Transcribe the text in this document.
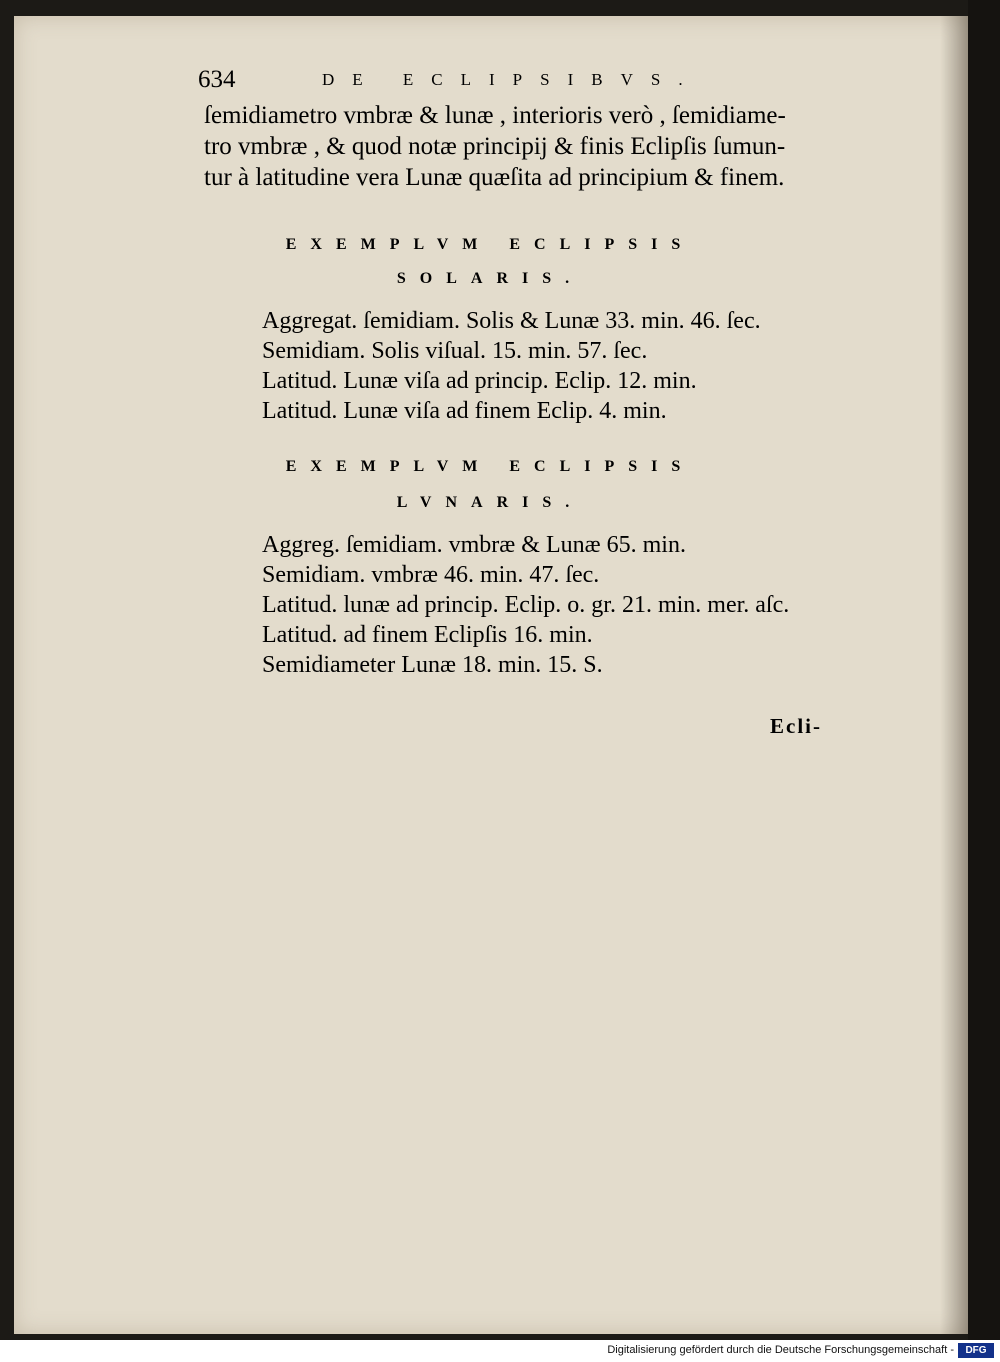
634	DE ECLIPSIBVS.
ſemidiametro vmbræ & lunæ , interioris verò , ſemidiame-
tro vmbræ , & quod notæ principij & finis Eclipſis ſumun-
tur à latitudine vera Lunæ quæſita ad principium & finem.
EXEMPLVM ECLIPSIS
SOLARIS.
Aggregat. ſemidiam. Solis & Lunæ 33. min. 46. ſec.
Semidiam. Solis viſual. 15. min. 57. ſec.
Latitud. Lunæ viſa ad princip. Eclip. 12. min.
Latitud. Lunæ viſa ad finem Eclip. 4. min.
EXEMPLVM ECLIPSIS
LVNARIS.
Aggreg. ſemidiam. vmbræ & Lunæ 65. min.
Semidiam. vmbræ 46. min. 47. ſec.
Latitud. lunæ ad princip. Eclip. o. gr. 21. min. mer. aſc.
Latitud. ad finem Eclipſis 16. min.
Semidiameter Lunæ 18. min. 15. S.
Ecli-
Digitalisierung gefördert durch die Deutsche Forschungsgemeinschaft -	DFG
